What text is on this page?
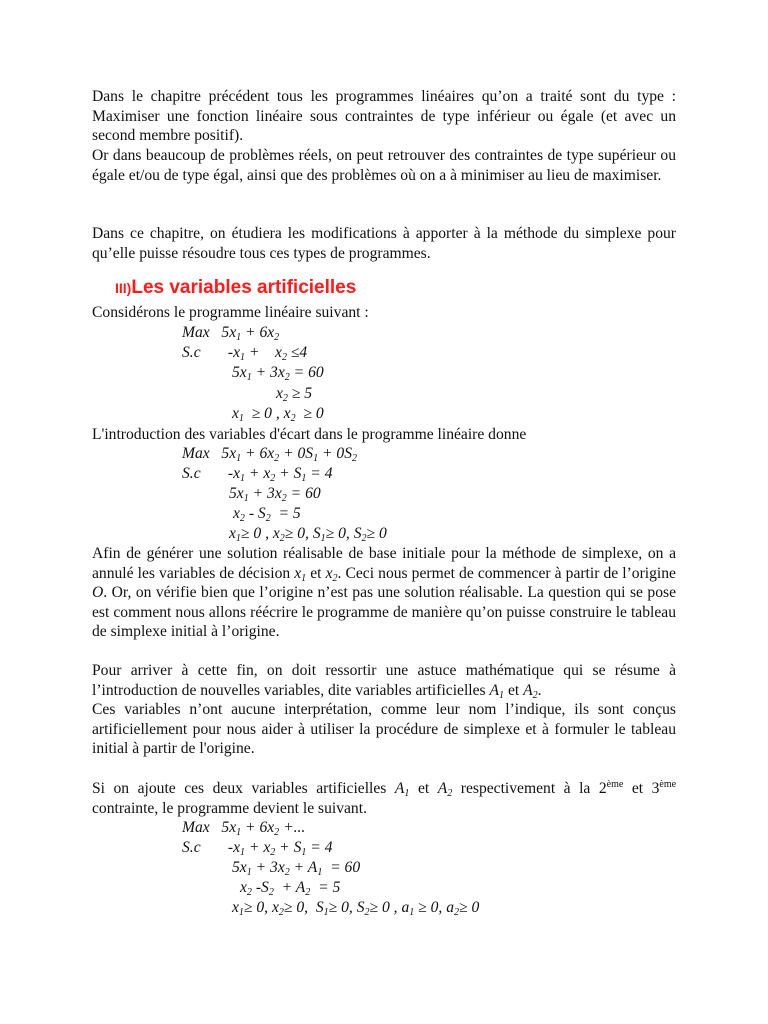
Dans le chapitre précédent tous les programmes linéaires qu’on a traité sont du type : Maximiser une fonction linéaire sous contraintes de type inférieur ou égale (et avec un second membre positif).

Or dans beaucoup de problèmes réels, on peut retrouver des contraintes de type supérieur ou égale et/ou de type égal, ainsi que des problèmes où on a à minimiser au lieu de maximiser.

Dans ce chapitre, on étudiera les modifications à apporter à la méthode du simplexe pour qu’elle puisse résoudre tous ces types de programmes.

III)Les variables artificielles

Considérons le programme linéaire suivant :

Max   $5x_1 + 6x_2$

S.c       $-x_1$ +    $x_2 \le 4$

$5x_1 + 3x_2 = 60$

$x_2 \ge 5$

$x_1 \ge 0$ , $x_2 \ge 0$

L'introduction des variables d'écart dans le programme linéaire donne

Max   $5x_1 + 6x_2 + 0S_1 + 0S_2$

S.c       $-x_1 + x_2 + S_1 = 4$

$5x_1 + 3x_2 = 60$

$x_2 - S_2 = 5$

$x_1\ge 0$ , $x_2\ge 0$, $S_1\ge 0$, $S_2\ge 0$

Afin de générer une solution réalisable de base initiale pour la méthode de simplexe, on a annulé les variables de décision $x_1$ et $x_2$. Ceci nous permet de commencer à partir de l’origine O. Or, on vérifie bien que l’origine n’est pas une solution réalisable. La question qui se pose est comment nous allons réécrire le programme de manière qu’on puisse construire le tableau de simplexe initial à l’origine.

Pour arriver à cette fin, on doit ressortir une astuce mathématique qui se résume à l’introduction de nouvelles variables, dite variables artificielles $A_1$ et $A_2$.

Ces variables n’ont aucune interprétation, comme leur nom l’indique, ils sont conçus artificiellement pour nous aider à utiliser la procédure de simplexe et à formuler le tableau initial à partir de l'origine.

Si on ajoute ces deux variables artificielles $A_1$ et $A_2$ respectivement à la 2ème et 3ème contrainte, le programme devient le suivant.

Max   $5x_1 + 6x_2$ +...

S.c       $-x_1 + x_2 + S_1 = 4$

$5x_1 + 3x_2 + A_1 = 60$

$x_2$ $-S_2 + A_2 = 5$

$x_1\ge 0$, $x_2\ge 0$,  $S_1\ge 0$, $S_2\ge 0$ , $a_1 \ge 0$, $a_2\ge 0$
